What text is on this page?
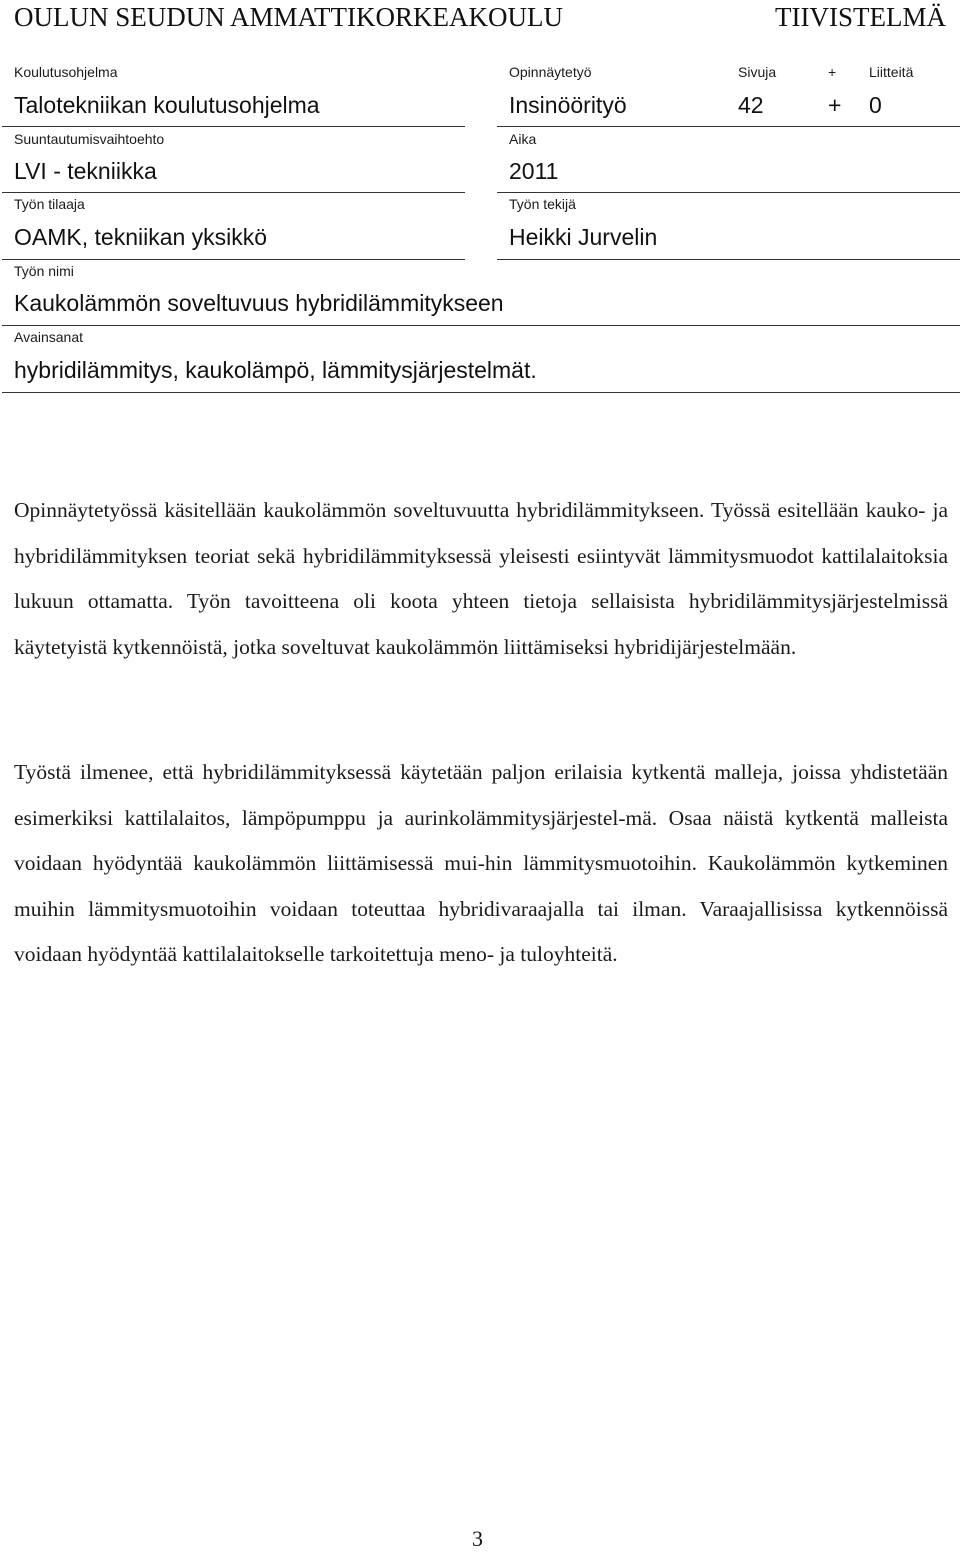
OULUN SEUDUN AMMATTIKORKEAKOULU	TIIVISTELMÄ
Koulutusohjelma
Talotekniikan koulutusohjelma
Opinnäytetyö
Insinöörityö
Sivuja
42
+
+
Liitteitä
0
Suuntautumisvaihtoehto
LVI - tekniikka
Aika
2011
Työn tilaaja
OAMK, tekniikan yksikkö
Työn tekijä
Heikki Jurvelin
Työn nimi
Kaukolämmön soveltuvuus hybridilämmitykseen
Avainsanat
hybridilämmitys, kaukolämpö, lämmitysjärjestelmät.

Opinnäytetyössä käsitellään kaukolämmön soveltuvuutta hybridilämmitykseen. Työssä esitellään kauko- ja hybridilämmityksen teoriat sekä hybridilämmityksessä yleisesti esiintyvät lämmitysmuodot kattilalaitoksia lukuun ottamatta. Työn tavoitteena oli koota yhteen tietoja sellaisista hybridilämmitysjärjestelmissä käytetyistä kytkennöistä, jotka soveltuvat kaukolämmön liittämiseksi hybridijärjestelmään.

Työstä ilmenee, että hybridilämmityksessä käytetään paljon erilaisia kytkentä malleja, joissa yhdistetään esimerkiksi kattilalaitos, lämpöpumppu ja aurinkolämmitysjärjestel-mä. Osaa näistä kytkentä malleista voidaan hyödyntää kaukolämmön liittämisessä mui-hin lämmitysmuotoihin. Kaukolämmön kytkeminen muihin lämmitysmuotoihin voidaan toteuttaa hybridivaraajalla tai ilman. Varaajallisissa kytkennöissä voidaan hyödyntää kattilalaitokselle tarkoitettuja meno- ja tuloyhteitä.

3
